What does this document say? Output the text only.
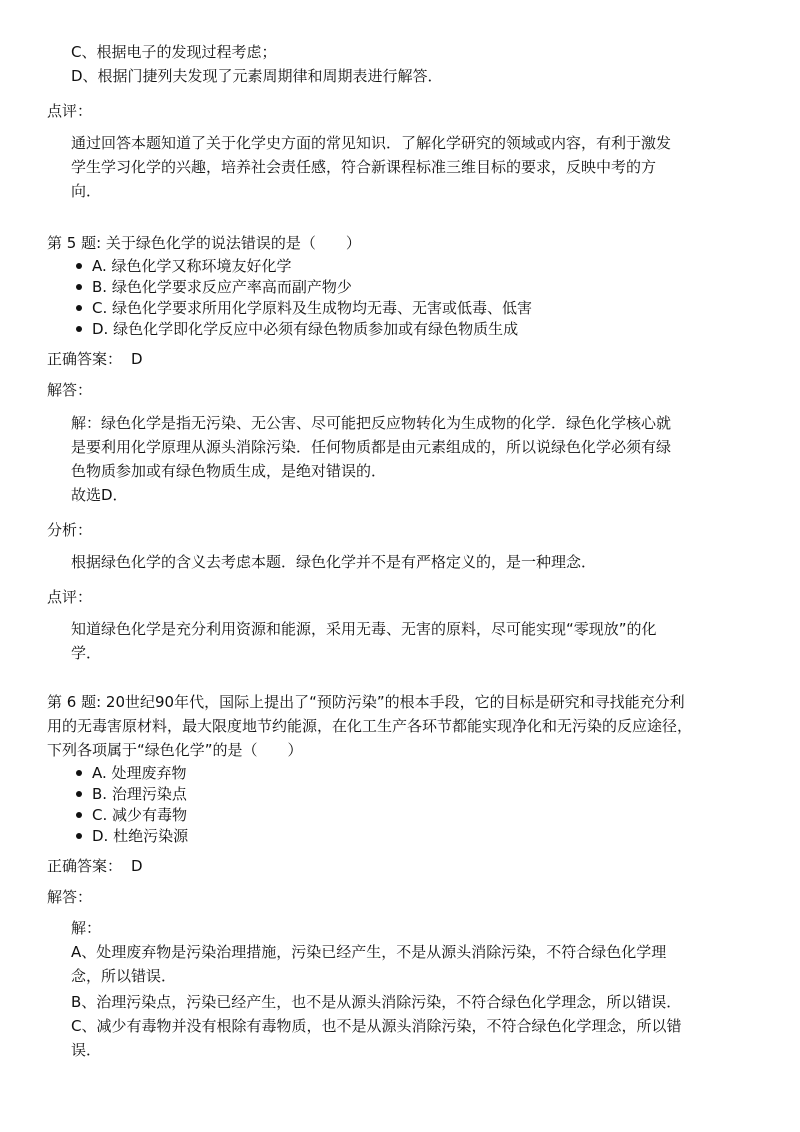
C、根据电子的发现过程考虑；
D、根据门捷列夫发现了元素周期律和周期表进行解答．
点评：
通过回答本题知道了关于化学史方面的常见知识．了解化学研究的领域或内容，有利于激发
学生学习化学的兴趣，培养社会责任感，符合新课程标准三维目标的要求，反映中考的方
向．
第 5 题: 关于绿色化学的说法错误的是（　　）
A. 绿色化学又称环境友好化学
B. 绿色化学要求反应产率高而副产物少
C. 绿色化学要求所用化学原料及生成物均无毒、无害或低毒、低害
D. 绿色化学即化学反应中必须有绿色物质参加或有绿色物质生成
正确答案： D
解答：
解：绿色化学是指无污染、无公害、尽可能把反应物转化为生成物的化学．绿色化学核心就
是要利用化学原理从源头消除污染．任何物质都是由元素组成的，所以说绿色化学必须有绿
色物质参加或有绿色物质生成，是绝对错误的．
故选D．
分析：
根据绿色化学的含义去考虑本题．绿色化学并不是有严格定义的，是一种理念．
点评：
知道绿色化学是充分利用资源和能源，采用无毒、无害的原料，尽可能实现“零现放”的化
学．
第 6 题: 20世纪90年代，国际上提出了“预防污染”的根本手段，它的目标是研究和寻找能充分利
用的无毒害原材料，最大限度地节约能源，在化工生产各环节都能实现净化和无污染的反应途径，
下列各项属于“绿色化学”的是（　　）
A. 处理废弃物
B. 治理污染点
C. 减少有毒物
D. 杜绝污染源
正确答案： D
解答：
解：
A、处理废弃物是污染治理措施，污染已经产生，不是从源头消除污染，不符合绿色化学理
念，所以错误．
B、治理污染点，污染已经产生，也不是从源头消除污染，不符合绿色化学理念，所以错误．
C、减少有毒物并没有根除有毒物质，也不是从源头消除污染，不符合绿色化学理念，所以错
误．
